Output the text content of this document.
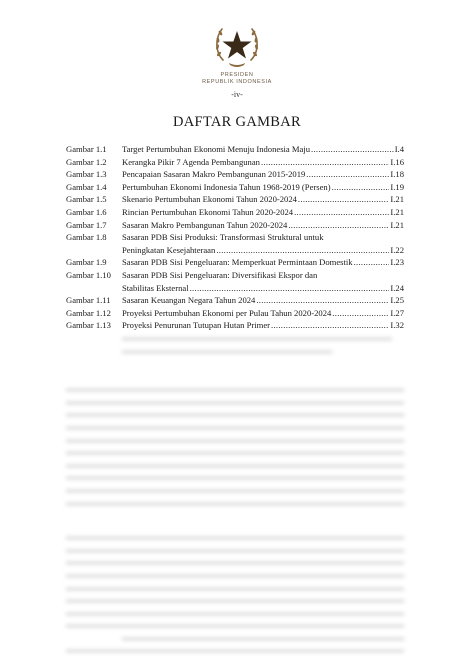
PRESIDEN
REPUBLIK INDONESIA
-iv-
DAFTAR GAMBAR
Gambar 1.1	Target Pertumbuhan Ekonomi Menuju Indonesia Maju .....	I.4
Gambar 1.2	Kerangka Pikir 7 Agenda Pembangunan .....	I.16
Gambar 1.3	Pencapaian Sasaran Makro Pembangunan 2015-2019 .....	I.18
Gambar 1.4	Pertumbuhan Ekonomi Indonesia Tahun 1968-2019 (Persen) .....	I.19
Gambar 1.5	Skenario Pertumbuhan Ekonomi Tahun 2020-2024 .....	I.21
Gambar 1.6	Rincian Pertumbuhan Ekonomi Tahun 2020-2024 .....	I.21
Gambar 1.7	Sasaran Makro Pembangunan Tahun 2020-2024 .....	I.21
Gambar 1.8	Sasaran PDB Sisi Produksi: Transformasi Struktural untuk
Peningkatan Kesejahteraan .....	I.22
Gambar 1.9	Sasaran PDB Sisi Pengeluaran: Memperkuat Permintaan Domestik .....	I.23
Gambar 1.10	Sasaran PDB Sisi Pengeluaran: Diversifikasi Ekspor dan
Stabilitas Eksternal .....	I.24
Gambar 1.11	Sasaran Keuangan Negara Tahun 2024 .....	I.25
Gambar 1.12	Proyeksi Pertumbuhan Ekonomi per Pulau Tahun 2020-2024 .....	I.27
Gambar 1.13	Proyeksi Penurunan Tutupan Hutan Primer .....	I.32
